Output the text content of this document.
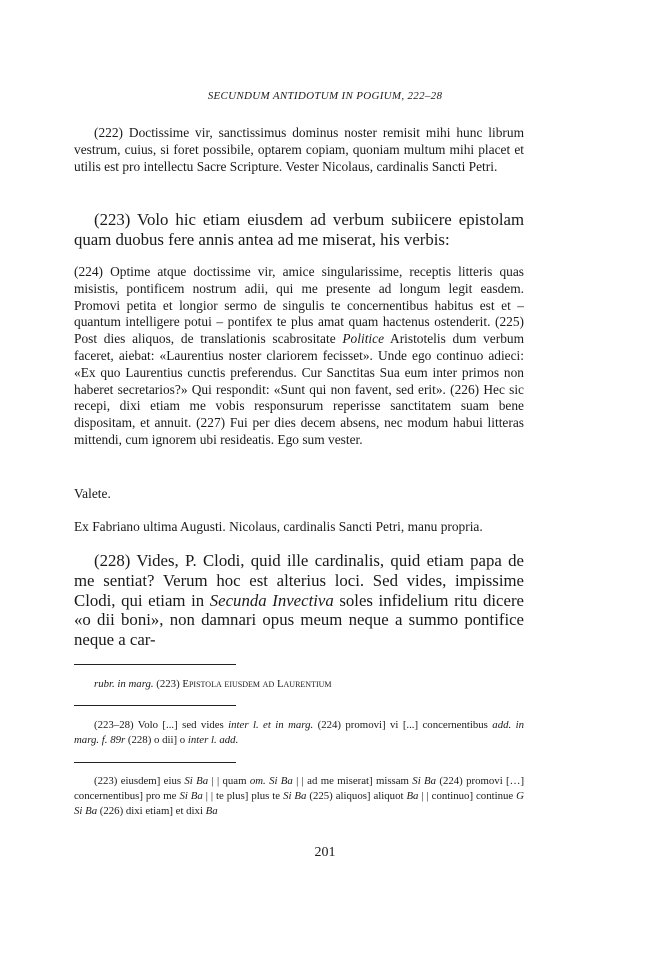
SECUNDUM ANTIDOTUM IN POGIUM, 222–28

(222) Doctissime vir, sanctissimus dominus noster remisit mihi hunc librum vestrum, cuius, si foret possibile, optarem copiam, quoniam multum mihi placet et utilis est pro intellectu Sacre Scripture. Vester Nicolaus, cardinalis Sancti Petri.

(223) Volo hic etiam eiusdem ad verbum subiicere epistolam quam duobus fere annis antea ad me miserat, his verbis:

(224) Optime atque doctissime vir, amice singularissime, receptis litteris quas misistis, pontificem nostrum adii, qui me presente ad longum legit easdem. Promovi petita et longior sermo de singulis te concernentibus habitus est et – quantum intelligere potui – pontifex te plus amat quam hactenus ostenderit. (225) Post dies aliquos, de translationis scabrositate Politice Aristotelis dum verbum faceret, aiebat: «Laurentius noster clariorem fecisset». Unde ego continuo adieci: «Ex quo Laurentius cunctis preferendus. Cur Sanctitas Sua eum inter primos non haberet secretarios?» Qui respondit: «Sunt qui non favent, sed erit». (226) Hec sic recepi, dixi etiam me vobis responsurum reperisse sanctitatem suam bene dispositam, et annuit. (227) Fui per dies decem absens, nec modum habui litteras mittendi, cum ignorem ubi resideatis. Ego sum vester.

Valete.
Ex Fabriano ultima Augusti. Nicolaus, cardinalis Sancti Petri, manu propria.

(228) Vides, P. Clodi, quid ille cardinalis, quid etiam papa de me sentiat? Verum hoc est alterius loci. Sed vides, impissime Clodi, qui etiam in Secunda Invectiva soles infidelium ritu dicere «o dii boni», non damnari opus meum neque a summo pontifice neque a car-

rubr. in marg. (223) Epistola eiusdem ad Laurentium
(223–28) Volo [...] sed vides inter l. et in marg. (224) promovi] vi [...] concernentibus add. in marg. f. 89r (228) o dii] o inter l. add.
(223) eiusdem] eius Si Ba | | quam om. Si Ba | | ad me miserat] missam Si Ba (224) promovi […] concernentibus] pro me Si Ba | | te plus] plus te Si Ba (225) aliquos] aliquot Ba | | continuo] continue G Si Ba (226) dixi etiam] et dixi Ba
201
